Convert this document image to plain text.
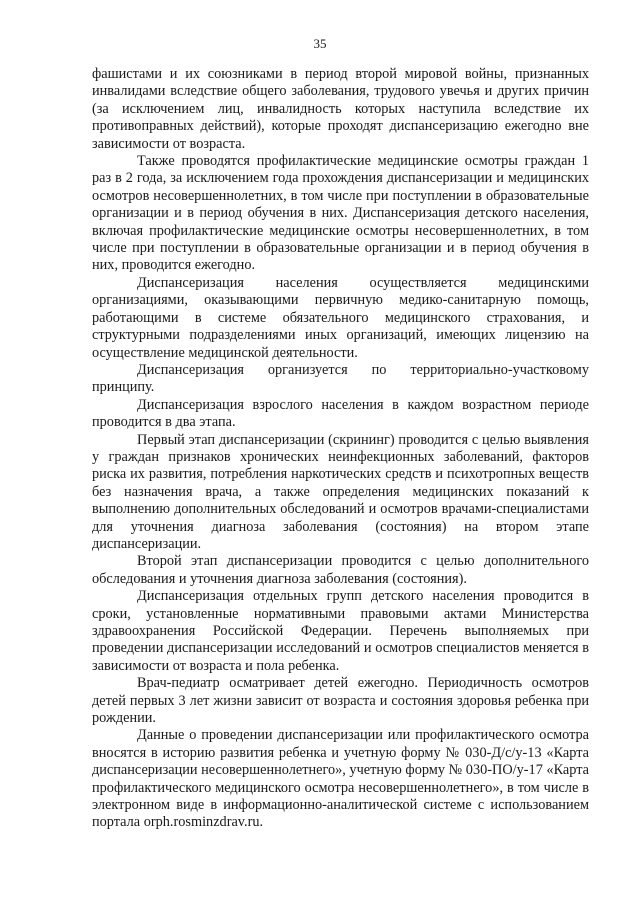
35

фашистами и их союзниками в период второй мировой войны, признанных инвалидами вследствие общего заболевания, трудового увечья и других причин (за исключением лиц, инвалидность которых наступила вследствие их противоправных действий), которые проходят диспансеризацию ежегодно вне зависимости от возраста.

Также проводятся профилактические медицинские осмотры граждан 1 раз в 2 года, за исключением года прохождения диспансеризации и медицинских осмотров несовершеннолетних, в том числе при поступлении в образовательные организации и в период обучения в них. Диспансеризация детского населения, включая профилактические медицинские осмотры несовершеннолетних, в том числе при поступлении в образовательные организации и в период обучения в них, проводится ежегодно.

Диспансеризация населения осуществляется медицинскими организациями, оказывающими первичную медико-санитарную помощь, работающими в системе обязательного медицинского страхования, и структурными подразделениями иных организаций, имеющих лицензию на осуществление медицинской деятельности.

Диспансеризация организуется по территориально-участковому принципу.

Диспансеризация взрослого населения в каждом возрастном периоде проводится в два этапа.

Первый этап диспансеризации (скрининг) проводится с целью выявления у граждан признаков хронических неинфекционных заболеваний, факторов риска их развития, потребления наркотических средств и психотропных веществ без назначения врача, а также определения медицинских показаний к выполнению дополнительных обследований и осмотров врачами-специалистами для уточнения диагноза заболевания (состояния) на втором этапе диспансеризации.

Второй этап диспансеризации проводится с целью дополнительного обследования и уточнения диагноза заболевания (состояния).

Диспансеризация отдельных групп детского населения проводится в сроки, установленные нормативными правовыми актами Министерства здравоохранения Российской Федерации. Перечень выполняемых при проведении диспансеризации исследований и осмотров специалистов меняется в зависимости от возраста и пола ребенка.

Врач-педиатр осматривает детей ежегодно. Периодичность осмотров детей первых 3 лет жизни зависит от возраста и состояния здоровья ребенка при рождении.

Данные о проведении диспансеризации или профилактического осмотра вносятся в историю развития ребенка и учетную форму № 030-Д/с/у-13 «Карта диспансеризации несовершеннолетнего», учетную форму № 030-ПО/у-17 «Карта профилактического медицинского осмотра несовершеннолетнего», в том числе в электронном виде в информационно-аналитической системе с использованием портала orph.rosminzdrav.ru.
